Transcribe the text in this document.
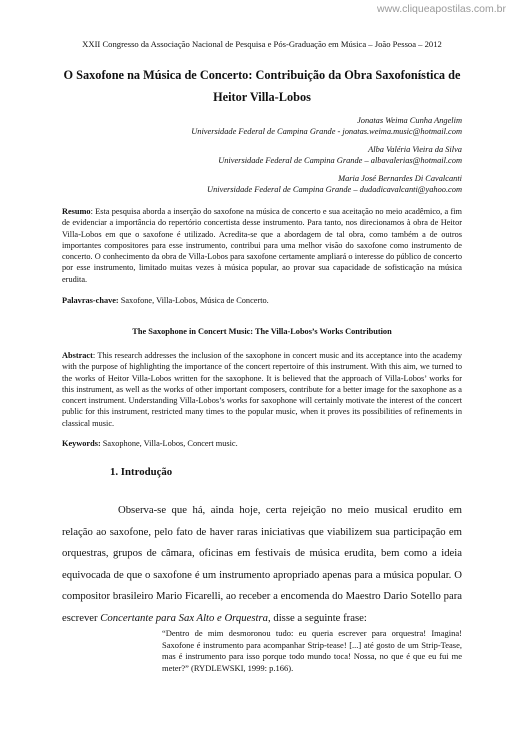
www.cliqueapostilas.com.br
XXII Congresso da Associação Nacional de Pesquisa e Pós-Graduação em Música – João Pessoa – 2012
O Saxofone na Música de Concerto: Contribuição da Obra Saxofonística de
Heitor Villa-Lobos
Jonatas Weima Cunha Angelim
Universidade Federal de Campina Grande - jonatas.weima.music@hotmail.com
Alba Valéria Vieira da Silva
Universidade Federal de Campina Grande – albavalerias@hotmail.com
Maria José Bernardes Di Cavalcanti
Universidade Federal de Campina Grande – dudadicavalcanti@yahoo.com
Resumo: Esta pesquisa aborda a inserção do saxofone na música de concerto e sua aceitação no meio acadêmico, a fim de evidenciar a importância do repertório concertista desse instrumento. Para tanto, nos direcionamos à obra de Heitor Villa-Lobos em que o saxofone é utilizado. Acredita-se que a abordagem de tal obra, como também a de outros importantes compositores para esse instrumento, contribui para uma melhor visão do saxofone como instrumento de concerto. O conhecimento da obra de Villa-Lobos para saxofone certamente ampliará o interesse do público de concerto por esse instrumento, limitado muitas vezes à música popular, ao provar sua capacidade de sofisticação na música erudita.
Palavras-chave: Saxofone, Villa-Lobos, Música de Concerto.
The Saxophone in Concert Music: The Villa-Lobos’s Works Contribution
Abstract: This research addresses the inclusion of the saxophone in concert music and its acceptance into the academy with the purpose of highlighting the importance of the concert repertoire of this instrument. With this aim, we turned to the works of Heitor Villa-Lobos written for the saxophone. It is believed that the approach of Villa-Lobos’ works for this instrument, as well as the works of other important composers, contribute for a better image for the saxophone as a concert instrument. Understanding Villa-Lobos’s works for saxophone will certainly motivate the interest of the concert public for this instrument, restricted many times to the popular music, when it proves its possibilities of refinements in classical music.
Keywords: Saxophone, Villa-Lobos, Concert music.
1. Introdução
Observa-se que há, ainda hoje, certa rejeição no meio musical erudito em relação ao saxofone, pelo fato de haver raras iniciativas que viabilizem sua participação em orquestras, grupos de câmara, oficinas em festivais de música erudita, bem como a ideia equivocada de que o saxofone é um instrumento apropriado apenas para a música popular. O compositor brasileiro Mario Ficarelli, ao receber a encomenda do Maestro Dario Sotello para escrever Concertante para Sax Alto e Orquestra, disse a seguinte frase:
“Dentro de mim desmoronou tudo: eu queria escrever para orquestra! Imagina! Saxofone é instrumento para acompanhar Strip-tease! [...] até gosto de um Strip-Tease, mas é instrumento para isso porque todo mundo toca! Nossa, no que é que eu fui me meter?” (RYDLEWSKI, 1999: p.166).
